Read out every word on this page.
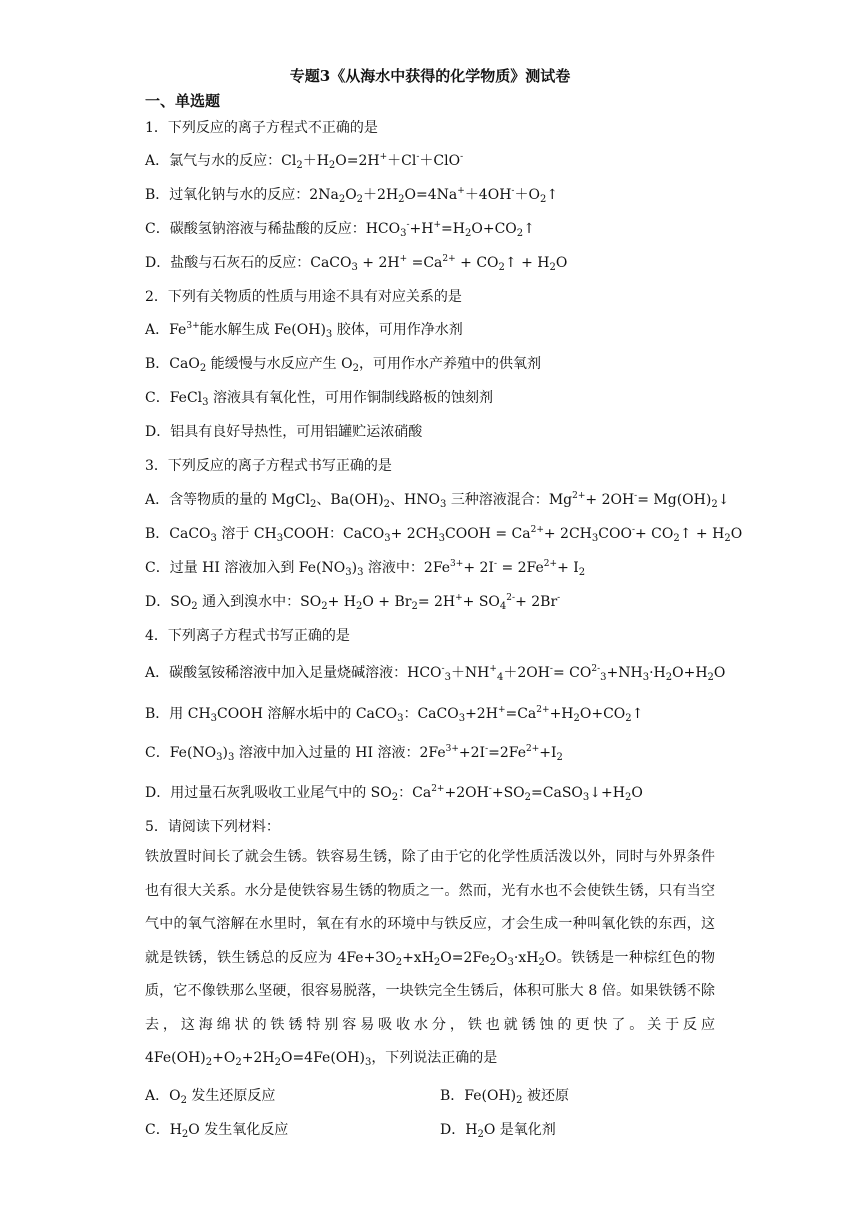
专题3《从海水中获得的化学物质》测试卷
一、单选题
1．下列反应的离子方程式不正确的是
A．氯气与水的反应：$Cl_2+H_2O=2H^++Cl^-+ClO^-$
B．过氧化钠与水的反应：$2Na_2O_2+2H_2O=4Na^++4OH^-+O_2↑$
C．碳酸氢钠溶液与稀盐酸的反应：$HCO_3^-+H^+=H_2O+CO_2↑$
D．盐酸与石灰石的反应：CaCO$_3$ + $2H^+ =Ca^{2+}$ + $CO_2↑ + H_2O$
2．下列有关物质的性质与用途不具有对应关系的是
A．$Fe^{3+}$能水解生成 $Fe(OH)_3$ 胶体，可用作净水剂
B．CaO$_2$ 能缓慢与水反应产生 $O_2$，可用作水产养殖中的供氧剂
C．FeCl$_3$ 溶液具有氧化性，可用作铜制线路板的蚀刻剂
D．铝具有良好导热性，可用铝罐贮运浓硝酸
3．下列反应的离子方程式书写正确的是
A．含等物质的量的 MgCl$_2$、$Ba(OH)_2$、$HNO_3$ 三种溶液混合：$Mg^{2+}+ 2OH^-=$ $Mg(OH)_2↓$
B．CaCO$_3$ 溶于 $CH_3COOH$：CaCO$_3$+ $2CH_3COOH = Ca^{2+}+ 2CH_3COO^-+$ $CO_2↑ + H_2O$
C．过量 HI 溶液加入到 $Fe(NO_3)_3$ 溶液中：$2Fe^{3+}+ 2I^- = 2Fe^{2+}+ I_2$
D．$SO_2$ 通入到溴水中：$SO_2+ H_2O + Br_2= 2H^++ SO_4^{2-}+ 2Br^-$
4．下列离子方程式书写正确的是
A．碳酸氢铵稀溶液中加入足量烧碱溶液：$HCO^-_3+NH^+_4+2OH^-= CO^{2-}_3+NH_3\cdot H_2O+H_2O$
B．用 $CH_3COOH$ 溶解水垢中的 CaCO$_3$：$CaCO_3+2H^+=Ca^{2+}+H_2O+CO_2↑$
C．$Fe(NO_3)_3$ 溶液中加入过量的 HI 溶液：$2Fe^{3+}+2I^-=2Fe^{2+}+I_2$
D．用过量石灰乳吸收工业尾气中的 $SO_2$：$Ca^{2+}+2OH^-+SO_2=CaSO_3↓+H_2O$
5．请阅读下列材料：

铁放置时间长了就会生锈。铁容易生锈，除了由于它的化学性质活泼以外，同时与外界条件也有很大关系。水分是使铁容易生锈的物质之一。然而，光有水也不会使铁生锈，只有当空气中的氧气溶解在水里时，氧在有水的环境中与铁反应，才会生成一种叫氧化铁的东西，这就是铁锈，铁生锈总的反应为 $4Fe+3O_2+xH_2O=2Fe_2O_3\cdot xH_2O$。铁锈是一种棕红色的物质，它不像铁那么坚硬，很容易脱落，一块铁完全生锈后，体积可胀大 8 倍。如果铁锈不除去，这海绵状的铁锈特别容易吸收水分，铁也就锈蚀的更快了。关于反应 $4Fe(OH)_2+O_2+2H_2O=4Fe(OH)_3$，下列说法正确的是

A．$O_2$ 发生还原反应	B．$Fe(OH)_2$ 被还原
C．$H_2O$ 发生氧化反应	D．$H_2O$ 是氧化剂
